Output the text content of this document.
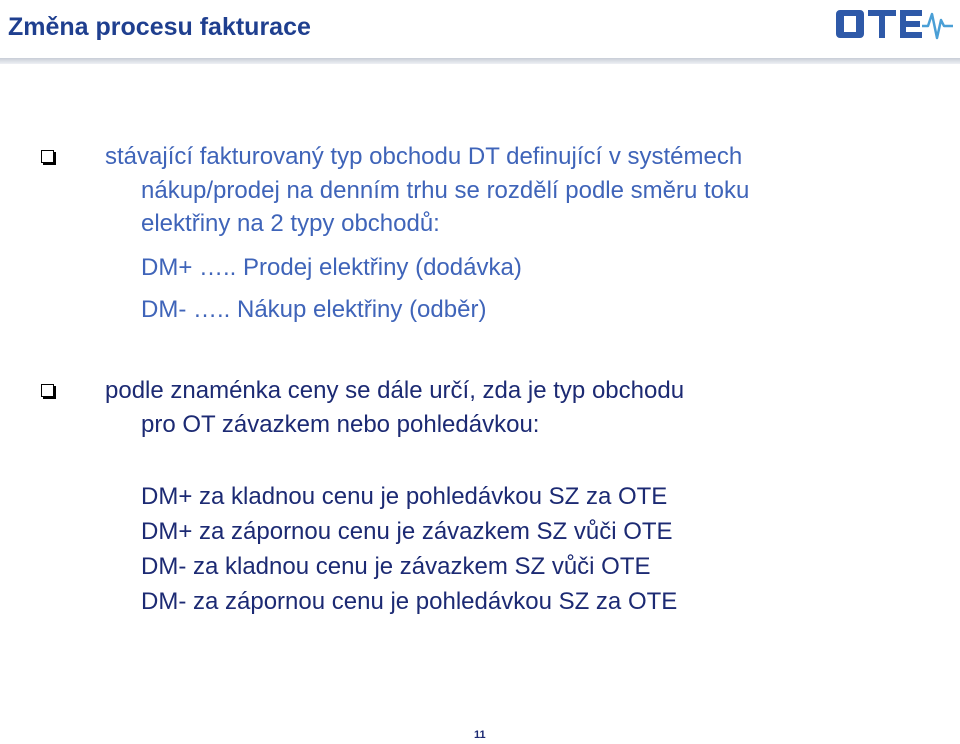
Změna procesu fakturace
stávající fakturovaný typ obchodu DT definující v systémech
nákup/prodej na denním trhu se rozdělí podle směru toku
elektřiny na 2 typy obchodů:
DM+ ….. Prodej elektřiny (dodávka)
DM- ….. Nákup elektřiny (odběr)
podle znaménka ceny se dále určí, zda je typ obchodu
pro OT závazkem nebo pohledávkou:
DM+ za kladnou cenu je pohledávkou SZ za OTE
DM+ za zápornou cenu je závazkem SZ vůči OTE
DM- za kladnou cenu je závazkem SZ vůči OTE
DM- za zápornou cenu je pohledávkou SZ za OTE
11
